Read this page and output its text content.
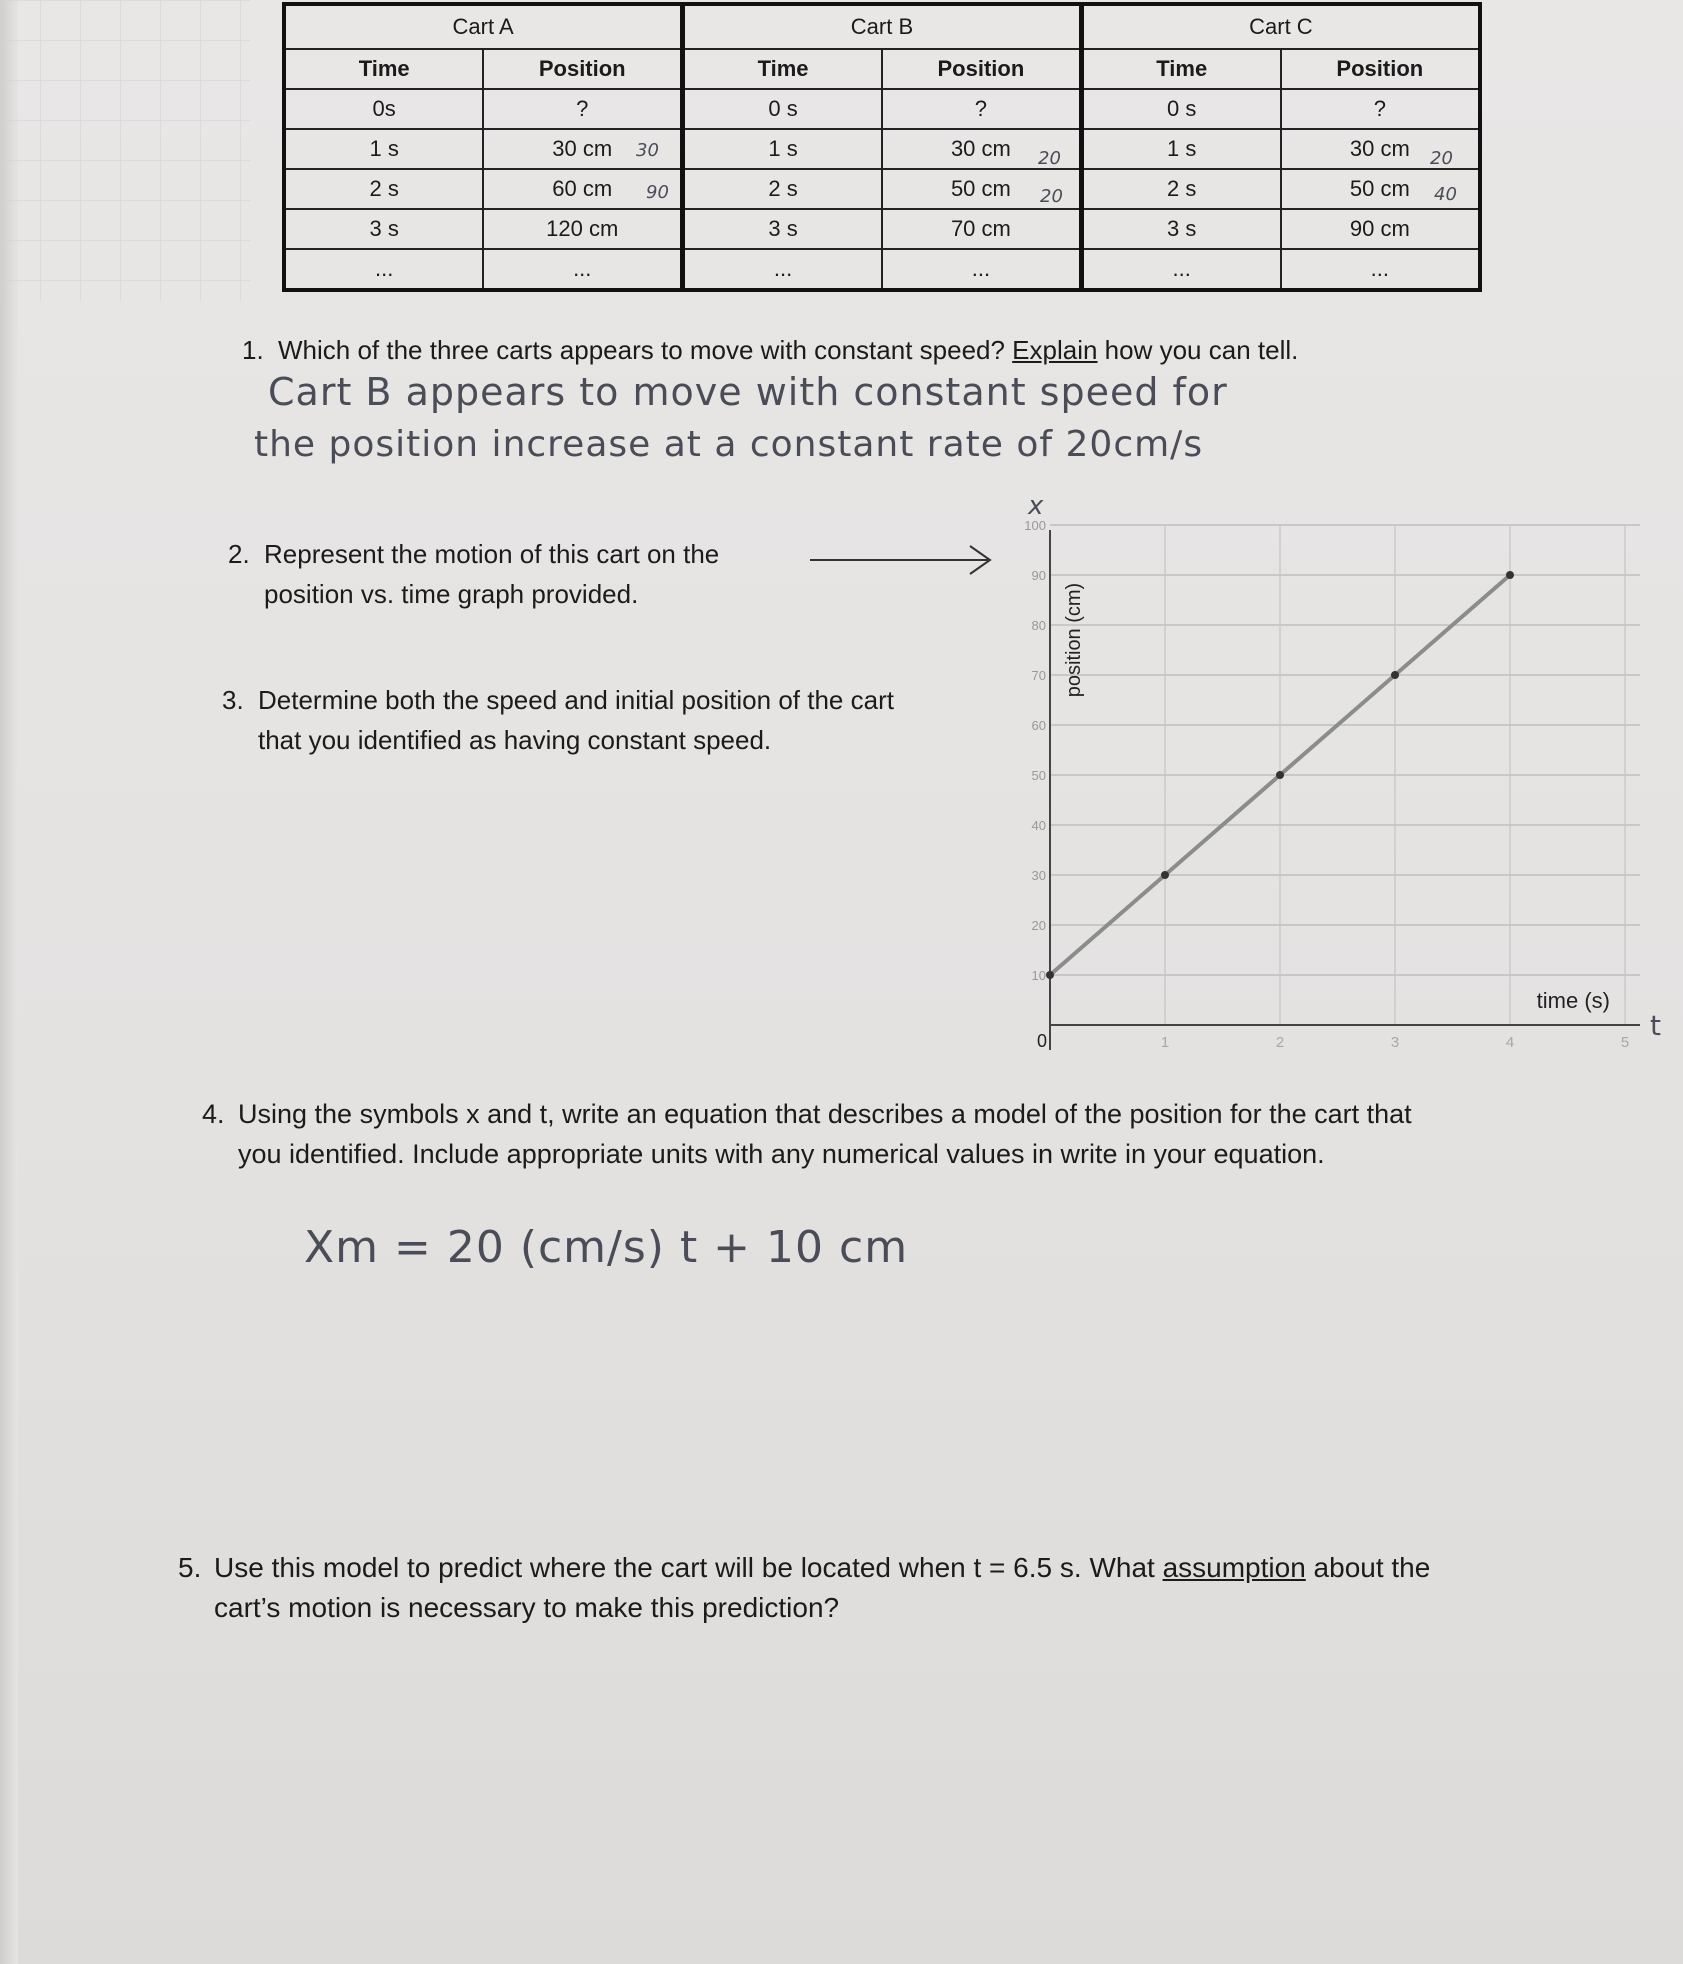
Cart A		Cart B		Cart C	
Time	Position	Time	Position	Time	Position
0s	?	0 s	?	0 s	?
1 s	30 cm	1 s	30 cm	1 s	30 cm
2 s	60 cm	2 s	50 cm	2 s	50 cm
3 s	120 cm	3 s	70 cm	3 s	90 cm
...	...	...	...	...	...
30
90
20
20
20
40
1. Which of the three carts appears to move with constant speed? Explain how you can tell.
Cart B appears to move with constant speed for
the position increase at a constant rate of 20cm/s
2. Represent the motion of this cart on the
position vs. time graph provided.
3. Determine both the speed and initial position of the cart
that you identified as having constant speed.
10
20
30
40
50
60
70
80
90
100
0	1	2	3	4	5
position (cm)
time (s)
x
t
4. Using the symbols x and t, write an equation that describes a model of the position for the cart that
you identified. Include appropriate units with any numerical values in write in your equation.
Xm = 20 (cm/s) t + 10 cm
5. Use this model to predict where the cart will be located when t = 6.5 s. What assumption about the
cart’s motion is necessary to make this prediction?
